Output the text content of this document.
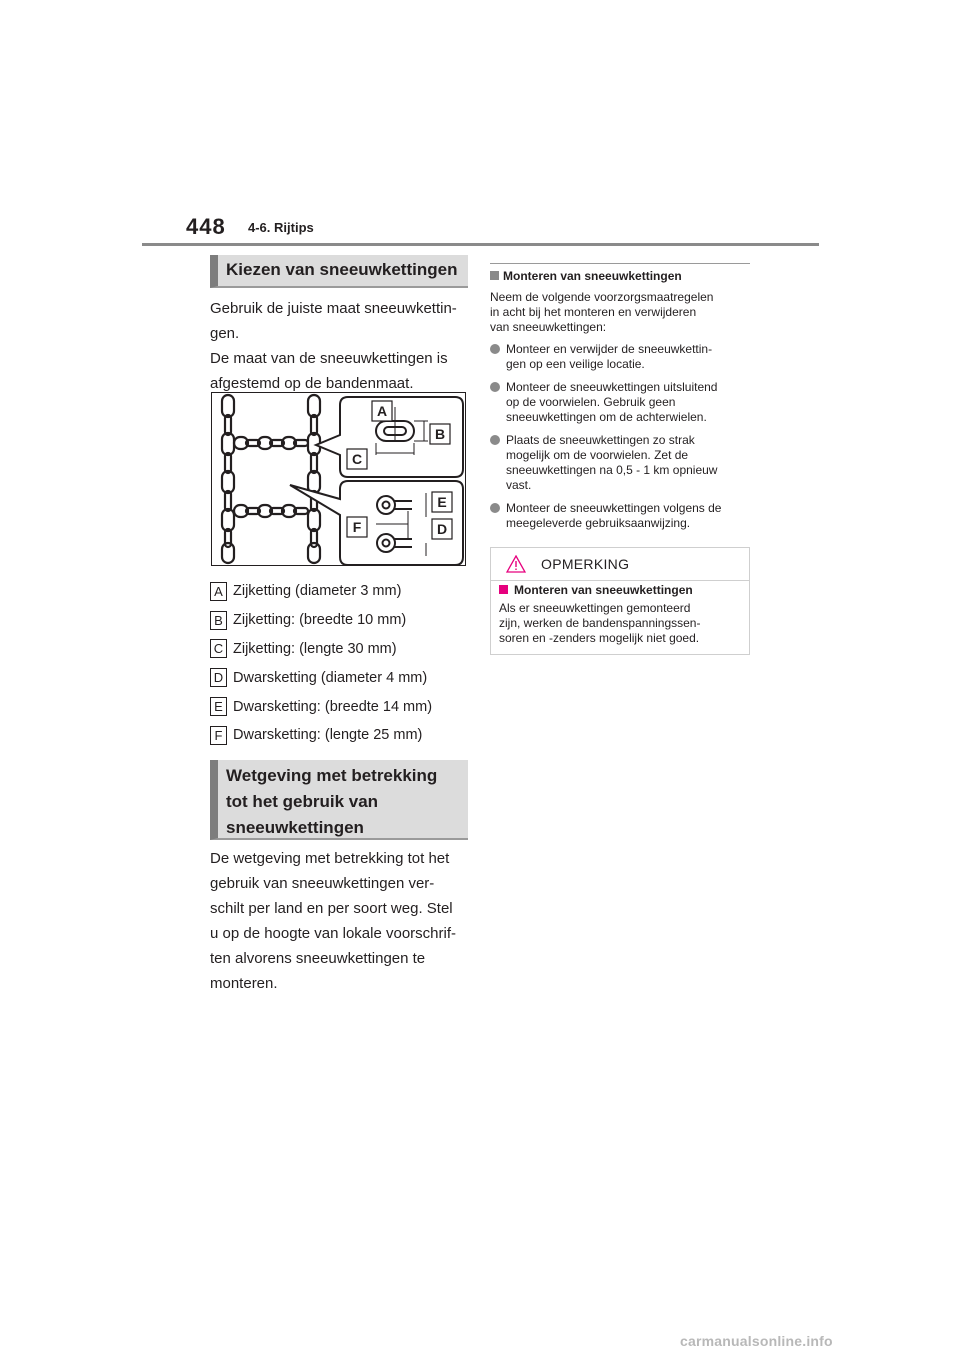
448 4-6. Rijtips
Kiezen van sneeuwkettingen
Gebruik de juiste maat sneeuwkettin-
gen.
De maat van de sneeuwkettingen is
afgestemd op de bandenmaat.
A
B
C
E
F	D
A Zijketting (diameter 3 mm)
B Zijketting: (breedte 10 mm)
C Zijketting: (lengte 30 mm)
D Dwarsketting (diameter 4 mm)
E Dwarsketting: (breedte 14 mm)
F Dwarsketting: (lengte 25 mm)
Wetgeving met betrekking
tot het gebruik van
sneeuwkettingen
De wetgeving met betrekking tot het
gebruik van sneeuwkettingen ver-
schilt per land en per soort weg. Stel
u op de hoogte van lokale voorschrif-
ten alvorens sneeuwkettingen te
monteren.
Monteren van sneeuwkettingen
Neem de volgende voorzorgsmaatregelen
in acht bij het monteren en verwijderen
van sneeuwkettingen:
Monteer en verwijder de sneeuwkettin-
gen op een veilige locatie.
Monteer de sneeuwkettingen uitsluitend
op de voorwielen. Gebruik geen
sneeuwkettingen om de achterwielen.
Plaats de sneeuwkettingen zo strak
mogelijk om de voorwielen. Zet de
sneeuwkettingen na 0,5 - 1 km opnieuw
vast.
Monteer de sneeuwkettingen volgens de
meegeleverde gebruiksaanwijzing.
OPMERKING
Monteren van sneeuwkettingen
Als er sneeuwkettingen gemonteerd
zijn, werken de bandenspanningssen-
soren en -zenders mogelijk niet goed.
carmanualsonline.info
